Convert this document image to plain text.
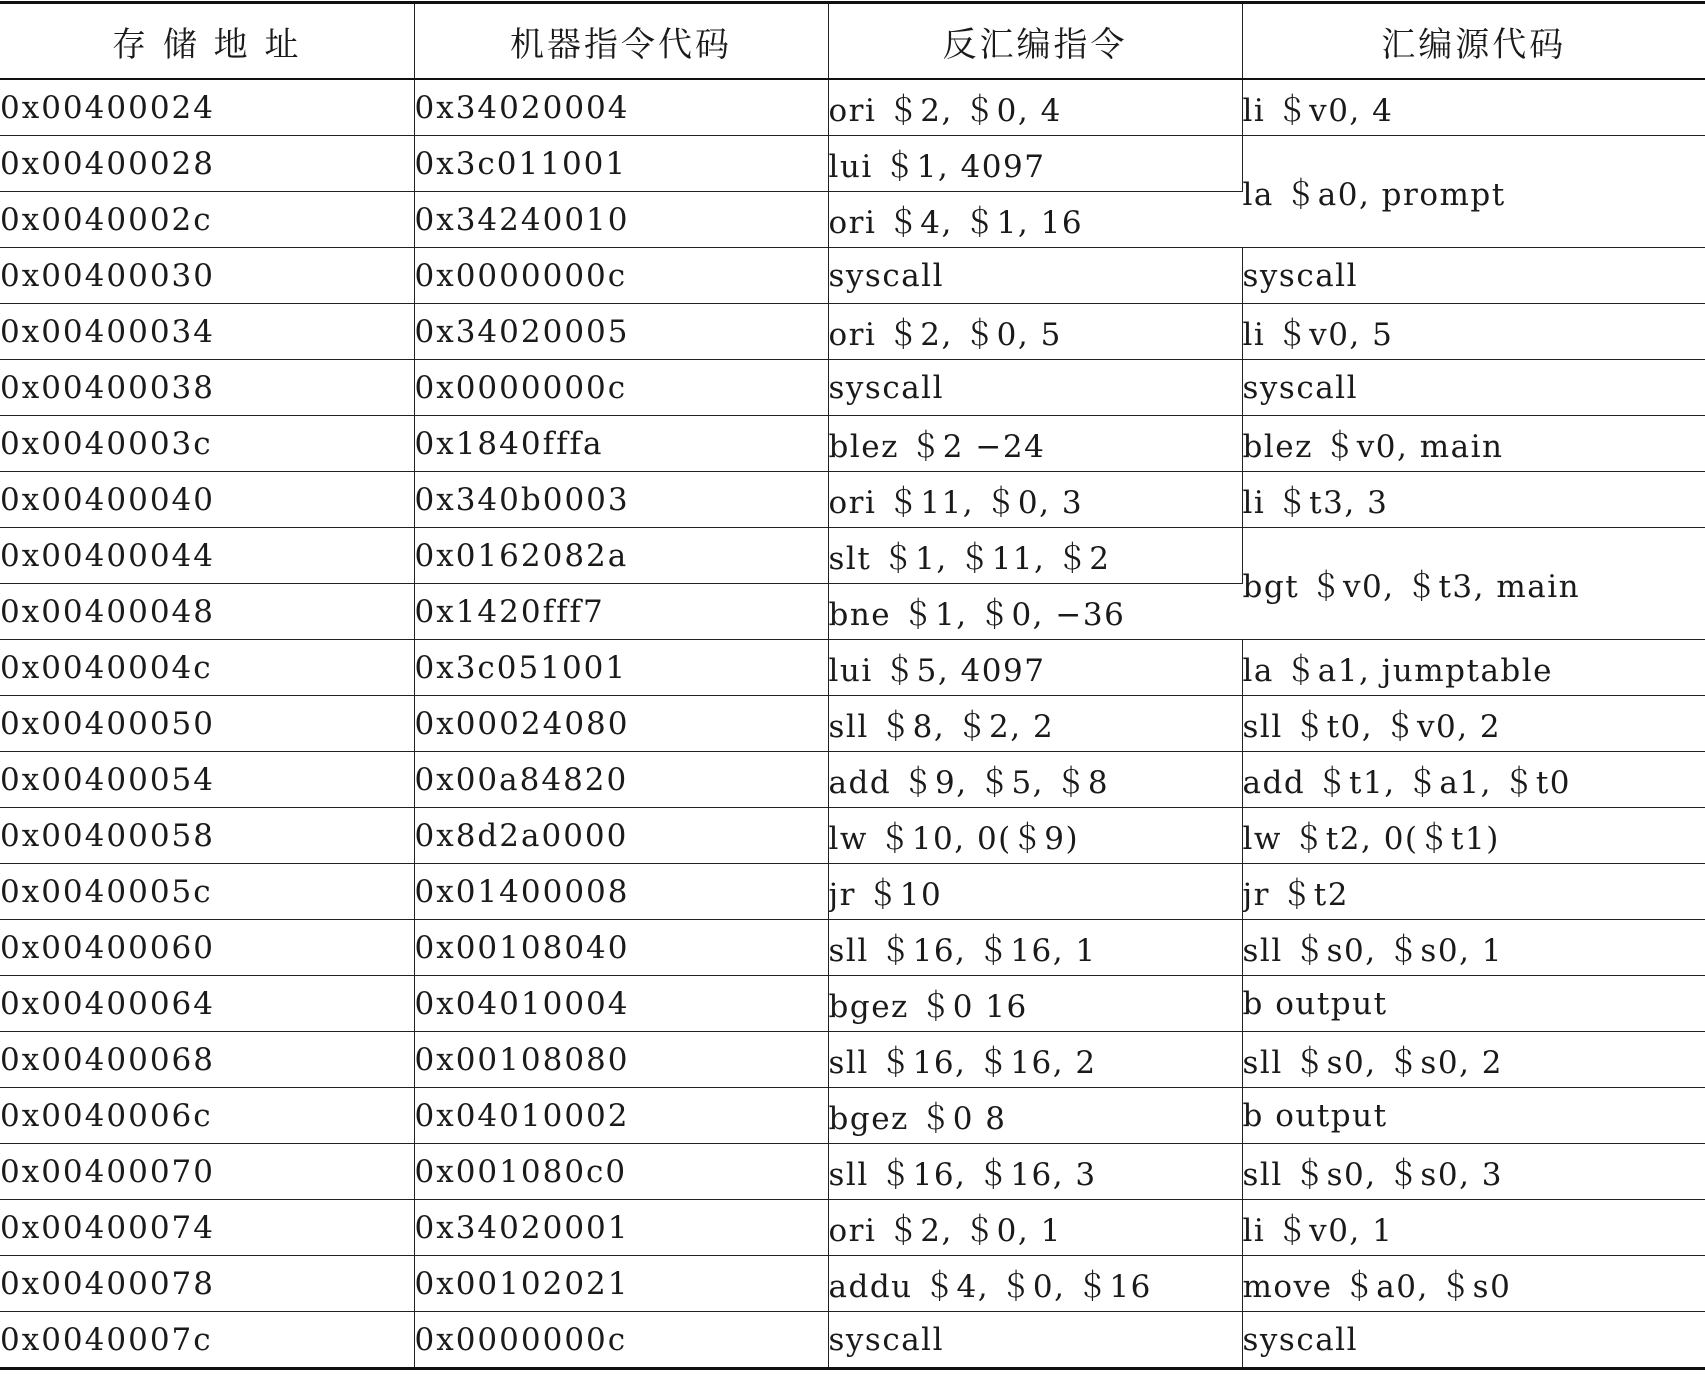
存 储 地 址	机器指令代码	反汇编指令	汇编源代码
0x00400024	0x34020004	ori ＄2, ＄0, 4	li ＄v0, 4
0x00400028	0x3c011001	lui ＄1, 4097	la ＄a0, prompt
0x0040002c	0x34240010	ori ＄4, ＄1, 16	
0x00400030	0x0000000c	syscall	syscall
0x00400034	0x34020005	ori ＄2, ＄0, 5	li ＄v0, 5
0x00400038	0x0000000c	syscall	syscall
0x0040003c	0x1840fffa	blez ＄2 −24	blez ＄v0, main
0x00400040	0x340b0003	ori ＄11, ＄0, 3	li ＄t3, 3
0x00400044	0x0162082a	slt ＄1, ＄11, ＄2	bgt ＄v0, ＄t3, main
0x00400048	0x1420fff7	bne ＄1, ＄0, −36	
0x0040004c	0x3c051001	lui ＄5, 4097	la ＄a1, jumptable
0x00400050	0x00024080	sll ＄8, ＄2, 2	sll ＄t0, ＄v0, 2
0x00400054	0x00a84820	add ＄9, ＄5, ＄8	add ＄t1, ＄a1, ＄t0
0x00400058	0x8d2a0000	lw ＄10, 0(＄9)	lw ＄t2, 0(＄t1)
0x0040005c	0x01400008	jr ＄10	jr ＄t2
0x00400060	0x00108040	sll ＄16, ＄16, 1	sll ＄s0, ＄s0, 1
0x00400064	0x04010004	bgez ＄0 16	b output
0x00400068	0x00108080	sll ＄16, ＄16, 2	sll ＄s0, ＄s0, 2
0x0040006c	0x04010002	bgez ＄0 8	b output
0x00400070	0x001080c0	sll ＄16, ＄16, 3	sll ＄s0, ＄s0, 3
0x00400074	0x34020001	ori ＄2, ＄0, 1	li ＄v0, 1
0x00400078	0x00102021	addu ＄4, ＄0, ＄16	move ＄a0, ＄s0
0x0040007c	0x0000000c	syscall	syscall
